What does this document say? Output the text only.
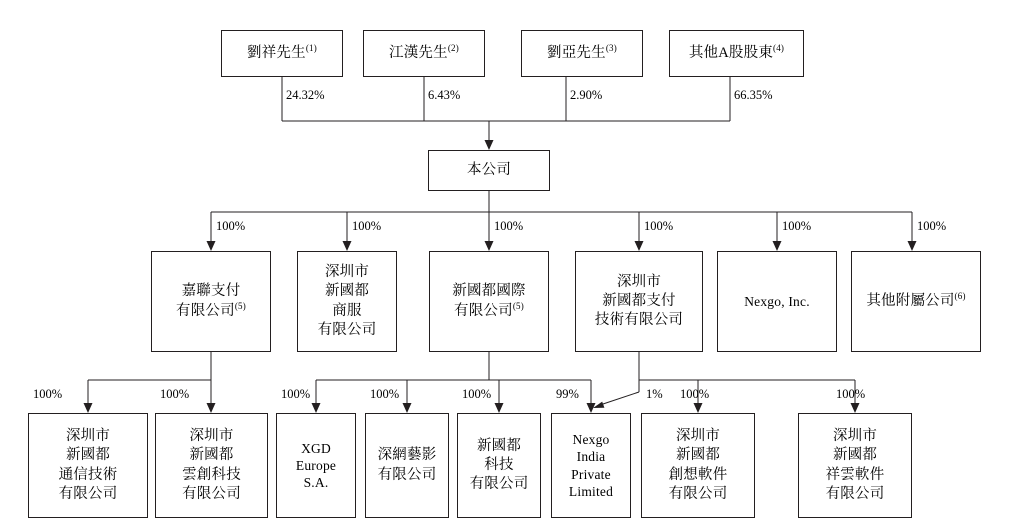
劉祥先生$^{(1)}$	江漢先生$^{(2)}$	劉亞先生$^{(3)}$	其他A股股東$^{(4)}$
24.32%	6.43%	2.90%	66.35%
本公司
100%	100%	100%	100%	100%	100%
嘉聯支付
有限公司$^{(5)}$
深圳市
新國都
商服
有限公司
新國都國際
有限公司$^{(5)}$
深圳市
新國都支付
技術有限公司
Nexgo, Inc.	其他附屬公司$^{(6)}$
100%	100%	100%	100%	100%	99%	1% 100%	100%
深圳市
新國都
通信技術
有限公司
深圳市
新國都
雲創科技
有限公司
XGD
Europe
S.A.
深網藝影
有限公司
新國都
科技
有限公司
Nexgo
India
Private
Limited
深圳市
新國都
創想軟件
有限公司
深圳市
新國都
祥雲軟件
有限公司
